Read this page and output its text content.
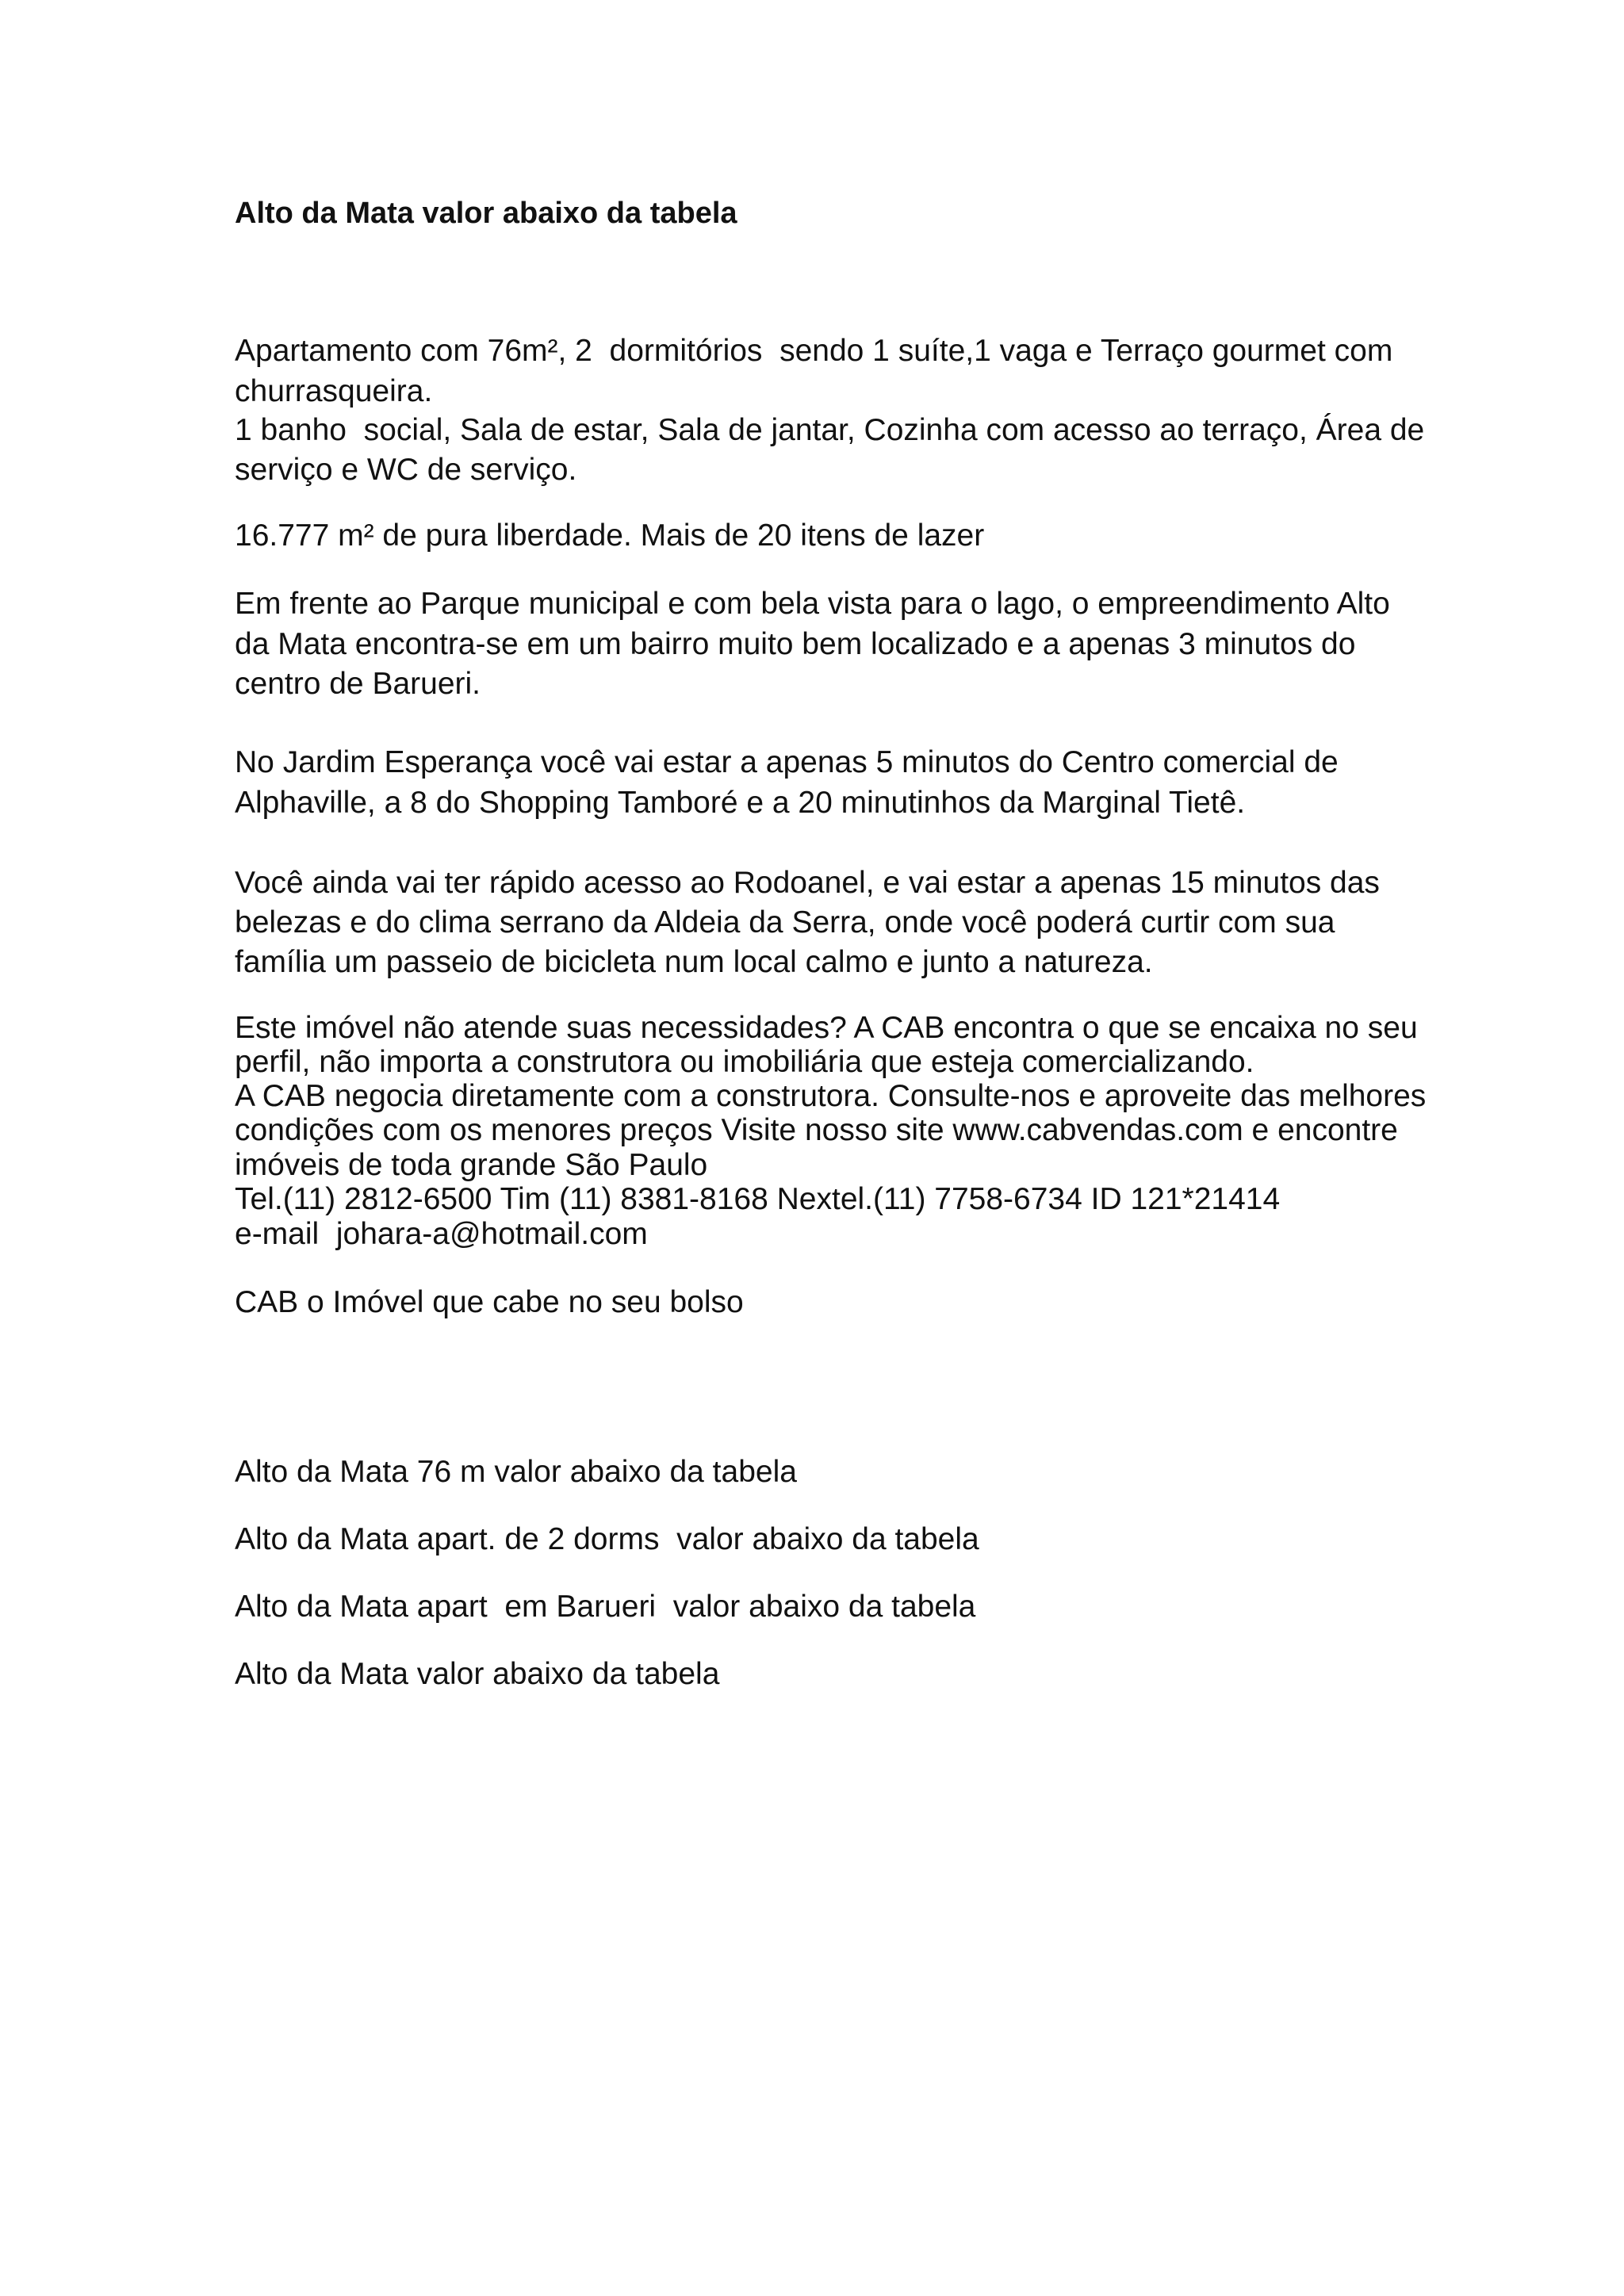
Alto da Mata valor abaixo da tabela

Apartamento com 76m², 2  dormitórios  sendo 1 suíte,1 vaga e Terraço gourmet com

churrasqueira.

1 banho  social, Sala de estar, Sala de jantar, Cozinha com acesso ao terraço, Área de

serviço e WC de serviço.

16.777 m² de pura liberdade. Mais de 20 itens de lazer

Em frente ao Parque municipal e com bela vista para o lago, o empreendimento Alto

da Mata encontra-se em um bairro muito bem localizado e a apenas 3 minutos do

centro de Barueri.

No Jardim Esperança você vai estar a apenas 5 minutos do Centro comercial de

Alphaville, a 8 do Shopping Tamboré e a 20 minutinhos da Marginal Tietê.

Você ainda vai ter rápido acesso ao Rodoanel, e vai estar a apenas 15 minutos das

belezas e do clima serrano da Aldeia da Serra, onde você poderá curtir com sua

família um passeio de bicicleta num local calmo e junto a natureza.

Este imóvel não atende suas necessidades? A CAB encontra o que se encaixa no seu

perfil, não importa a construtora ou imobiliária que esteja comercializando.

A CAB negocia diretamente com a construtora. Consulte-nos e aproveite das melhores

condições com os menores preços Visite nosso site www.cabvendas.com e encontre

imóveis de toda grande São Paulo

Tel.(11) 2812-6500 Tim (11) 8381-8168 Nextel.(11) 7758-6734 ID 121*21414

e-mail  johara-a@hotmail.com

CAB o Imóvel que cabe no seu bolso

Alto da Mata 76 m valor abaixo da tabela

Alto da Mata apart. de 2 dorms  valor abaixo da tabela

Alto da Mata apart  em Barueri  valor abaixo da tabela

Alto da Mata valor abaixo da tabela
